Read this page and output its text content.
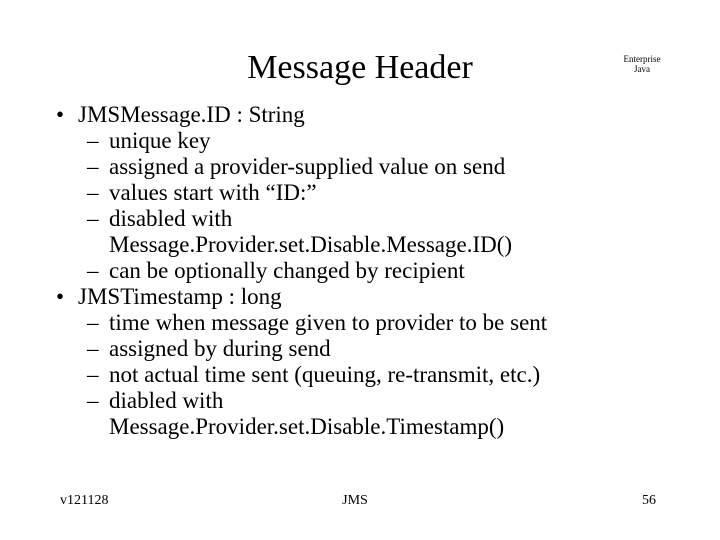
Message Header	Enterprise
Java
• JMSMessage.ID : String
– unique key
– assigned a provider-supplied value on send
– values start with “ID:”
– disabled with
Message.Provider.set.Disable.Message.ID()
– can be optionally changed by recipient
• JMSTimestamp : long
– time when message given to provider to be sent
– assigned by during send
– not actual time sent (queuing, re-transmit, etc.)
– diabled with
Message.Provider.set.Disable.Timestamp()
v121128	JMS	56
